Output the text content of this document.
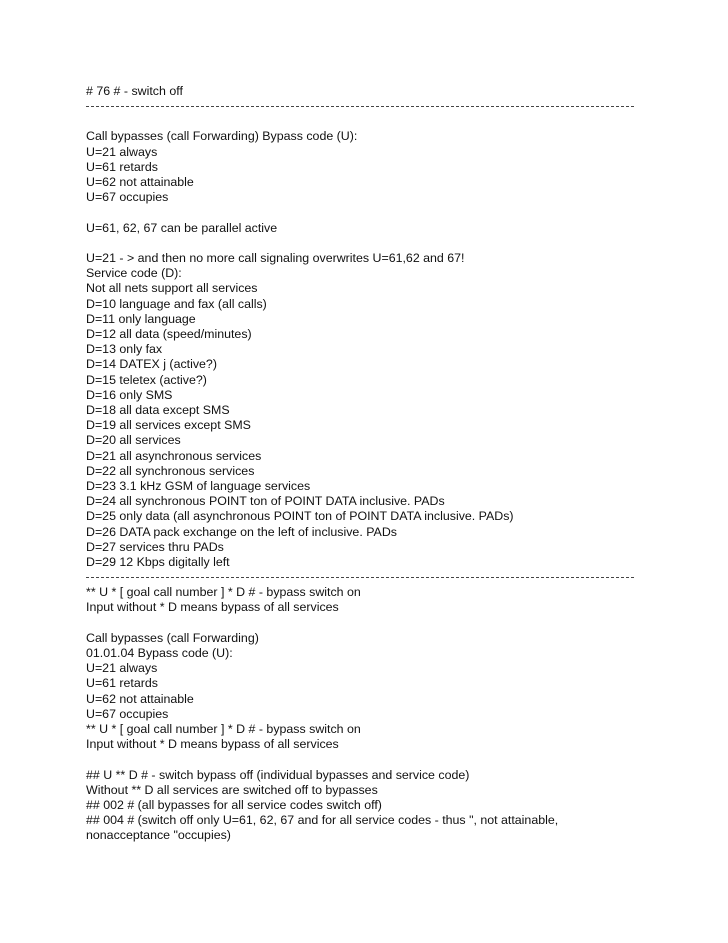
# 76 # - switch off
Call bypasses (call Forwarding) Bypass code (U):
U=21 always
U=61 retards
U=62 not attainable
U=67 occupies
U=61, 62, 67 can be parallel active
U=21 - > and then no more call signaling overwrites U=61,62 and 67!
Service code (D):
Not all nets support all services
D=10 language and fax (all calls)
D=11 only language
D=12 all data (speed/minutes)
D=13 only fax
D=14 DATEX j (active?)
D=15 teletex (active?)
D=16 only SMS
D=18 all data except SMS
D=19 all services except SMS
D=20 all services
D=21 all asynchronous services
D=22 all synchronous services
D=23 3.1 kHz GSM of language services
D=24 all synchronous POINT ton of POINT DATA inclusive. PADs
D=25 only data (all asynchronous POINT ton of POINT DATA inclusive. PADs)
D=26 DATA pack exchange on the left of inclusive. PADs
D=27 services thru PADs
D=29 12 Kbps digitally left
** U * [ goal call number ] * D # - bypass switch on
Input without * D means bypass of all services
Call bypasses (call Forwarding)
01.01.04 Bypass code (U):
U=21 always
U=61 retards
U=62 not attainable
U=67 occupies
** U * [ goal call number ] * D # - bypass switch on
Input without * D means bypass of all services
## U ** D # - switch bypass off (individual bypasses and service code)
Without ** D all services are switched off to bypasses
## 002 # (all bypasses for all service codes switch off)
## 004 # (switch off only U=61, 62, 67 and for all service codes - thus ", not attainable,
nonacceptance "occupies)
